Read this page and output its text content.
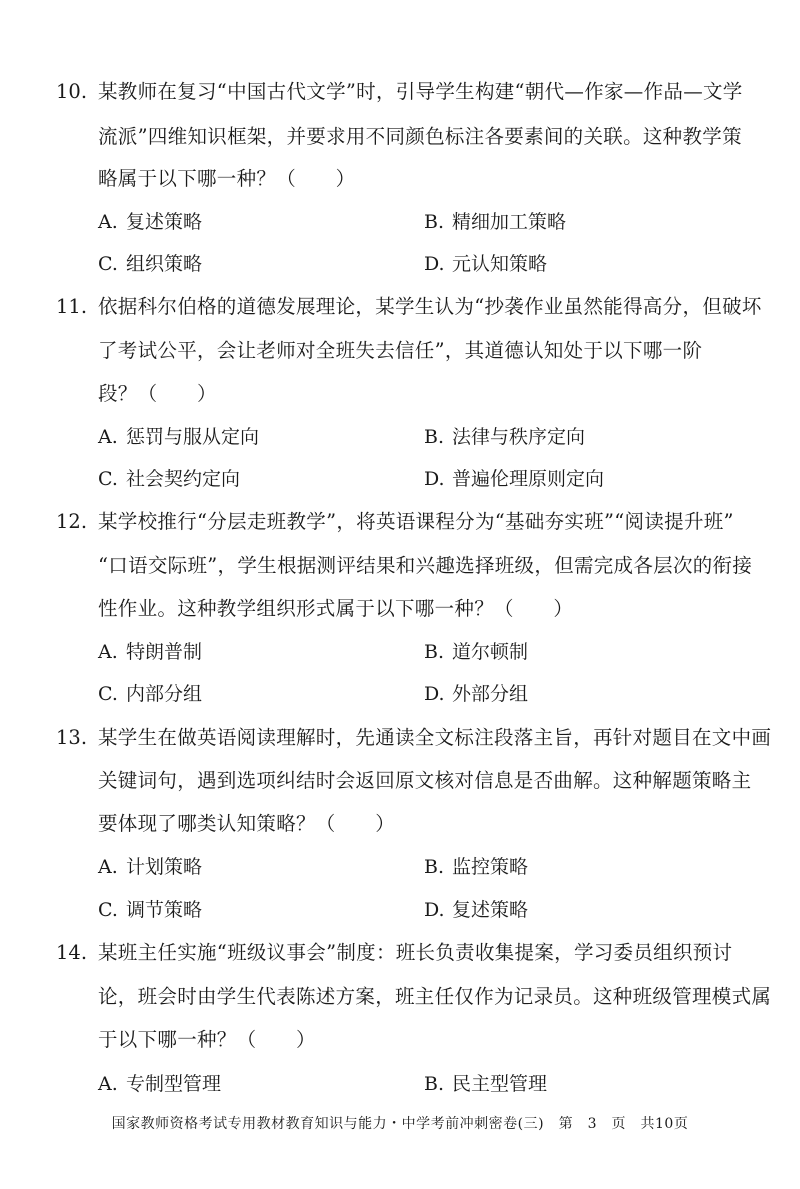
10. 某教师在复习“中国古代文学”时，引导学生构建“朝代—作家—作品—文学
流派”四维知识框架，并要求用不同颜色标注各要素间的关联。这种教学策
略属于以下哪一种？（　　）
A. 复述策略	B. 精细加工策略
C. 组织策略	D. 元认知策略
11. 依据科尔伯格的道德发展理论，某学生认为“抄袭作业虽然能得高分，但破坏
了考试公平，会让老师对全班失去信任”，其道德认知处于以下哪一阶
段？（　　）
A. 惩罚与服从定向	B. 法律与秩序定向
C. 社会契约定向	D. 普遍伦理原则定向
12. 某学校推行“分层走班教学”，将英语课程分为“基础夯实班”“阅读提升班”
“口语交际班”，学生根据测评结果和兴趣选择班级，但需完成各层次的衔接
性作业。这种教学组织形式属于以下哪一种？（　　）
A. 特朗普制	B. 道尔顿制
C. 内部分组	D. 外部分组
13. 某学生在做英语阅读理解时，先通读全文标注段落主旨，再针对题目在文中画
关键词句，遇到选项纠结时会返回原文核对信息是否曲解。这种解题策略主
要体现了哪类认知策略？（　　）
A. 计划策略	B. 监控策略
C. 调节策略	D. 复述策略
14. 某班主任实施“班级议事会”制度：班长负责收集提案，学习委员组织预讨
论，班会时由学生代表陈述方案，班主任仅作为记录员。这种班级管理模式属
于以下哪一种？（　　）
A. 专制型管理	B. 民主型管理
国家教师资格考试专用教材教育知识与能力・中学考前冲刺密卷(三)　第　3　页　共10页
